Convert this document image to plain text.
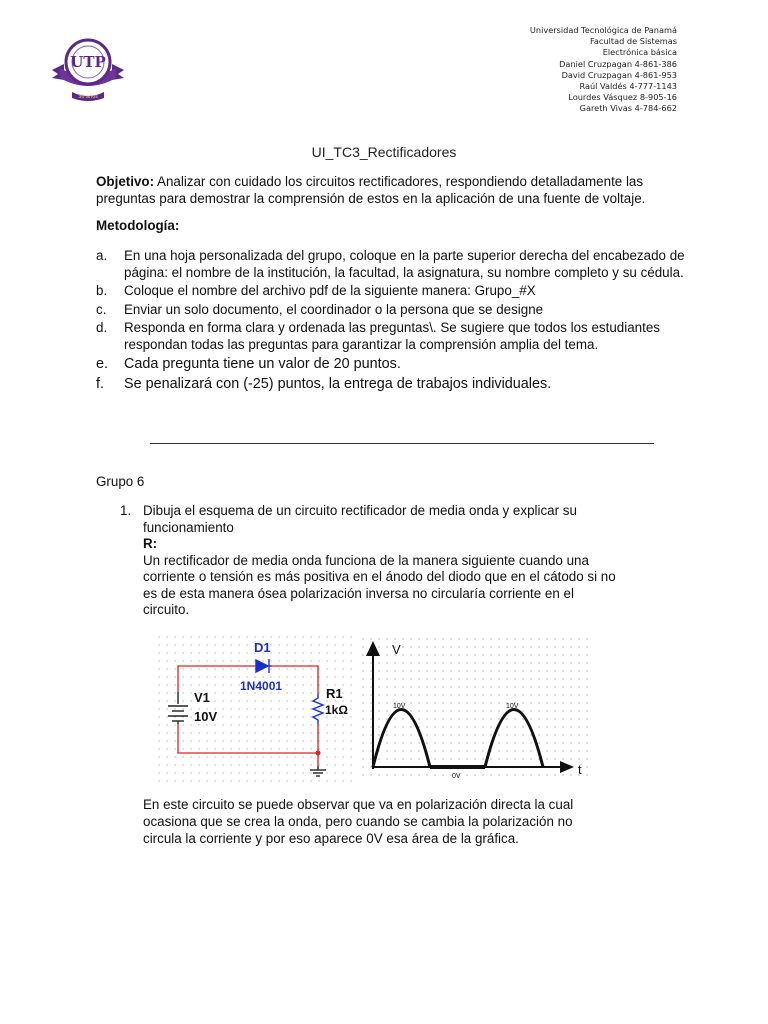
UTP
30 años
Universidad Tecnológica de Panamá
Facultad de Sistemas
Electrónica básica
Daniel Cruzpagan 4-861-386
David Cruzpagan 4-861-953
Raúl Valdés 4-777-1143
Lourdes Vásquez 8-905-16
Gareth Vivas 4-784-662
UI_TC3_Rectificadores
Objetivo: Analizar con cuidado los circuitos rectificadores, respondiendo detalladamente las preguntas para demostrar la comprensión de estos en la aplicación de una fuente de voltaje.
Metodología:
a.	En una hoja personalizada del grupo, coloque en la parte superior derecha del encabezado de página: el nombre de la institución, la facultad, la asignatura, su nombre completo y su cédula.
b.	Coloque el nombre del archivo pdf de la siguiente manera: Grupo_#X
c.	Enviar un solo documento, el coordinador o la persona que se designe
d.	Responda en forma clara y ordenada las preguntas\. Se sugiere que todos los estudiantes respondan todas las preguntas para garantizar la comprensión amplia del tema.
e.	Cada pregunta tiene un valor de 20 puntos.
f.	Se penalizará con (-25) puntos, la entrega de trabajos individuales.
Grupo 6
1. Dibuja el esquema de un circuito rectificador de media onda y explicar su funcionamiento
R:
Un rectificador de media onda funciona de la manera siguiente cuando una corriente o tensión es más positiva en el ánodo del diodo que en el cátodo si no es de esta manera ósea polarización inversa no circularía corriente en el circuito.
D1
1N4001
V1
10V
R1
1kΩ
V
t
10V	10V
0V
En este circuito se puede observar que va en polarización directa la cual ocasiona que se crea la onda, pero cuando se cambia la polarización no circula la corriente y por eso aparece 0V esa área de la gráfica.
